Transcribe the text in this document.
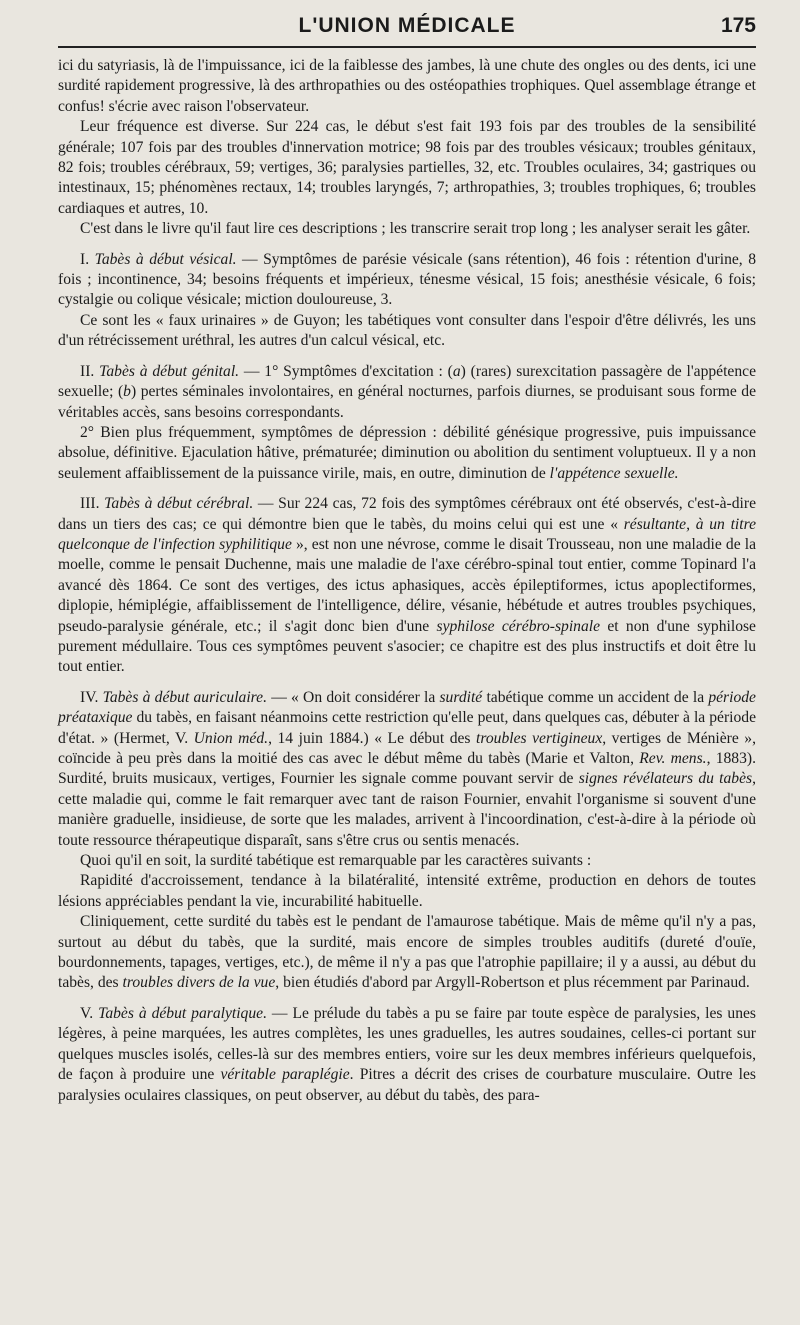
L'UNION MÉDICALE	175

ici du satyriasis, là de l'impuissance, ici de la faiblesse des jambes, là une chute des ongles ou des dents, ici une surdité rapidement progressive, là des arthropathies ou des ostéopathies trophiques. Quel assemblage étrange et confus! s'écrie avec raison l'observateur.

Leur fréquence est diverse. Sur 224 cas, le début s'est fait 193 fois par des troubles de la sensibilité générale; 107 fois par des troubles d'innervation motrice; 98 fois par des troubles vésicaux; troubles génitaux, 82 fois; troubles cérébraux, 59; vertiges, 36; paralysies partielles, 32, etc. Troubles oculaires, 34; gastriques ou intestinaux, 15; phénomènes rectaux, 14; troubles laryngés, 7; arthropathies, 3; troubles trophiques, 6; troubles cardiaques et autres, 10.

C'est dans le livre qu'il faut lire ces descriptions ; les transcrire serait trop long ; les analyser serait les gâter.

I. Tabès à début vésical. — Symptômes de parésie vésicale (sans rétention), 46 fois : rétention d'urine, 8 fois ; incontinence, 34; besoins fréquents et impérieux, ténesme vésical, 15 fois; anesthésie vésicale, 6 fois; cystalgie ou colique vésicale; miction douloureuse, 3.

Ce sont les « faux urinaires » de Guyon; les tabétiques vont consulter dans l'espoir d'être délivrés, les uns d'un rétrécissement uréthral, les autres d'un calcul vésical, etc.

II. Tabès à début génital. — 1° Symptômes d'excitation : (a) (rares) surexcitation passagère de l'appétence sexuelle; (b) pertes séminales involontaires, en général nocturnes, parfois diurnes, se produisant sous forme de véritables accès, sans besoins correspondants.

2° Bien plus fréquemment, symptômes de dépression : débilité génésique progressive, puis impuissance absolue, définitive. Ejaculation hâtive, prématurée; diminution ou abolition du sentiment voluptueux. Il y a non seulement affaiblissement de la puissance virile, mais, en outre, diminution de l'appétence sexuelle.

III. Tabès à début cérébral. — Sur 224 cas, 72 fois des symptômes cérébraux ont été observés, c'est-à-dire dans un tiers des cas; ce qui démontre bien que le tabès, du moins celui qui est une « résultante, à un titre quelconque de l'infection syphilitique », est non une névrose, comme le disait Trousseau, non une maladie de la moelle, comme le pensait Duchenne, mais une maladie de l'axe cérébro-spinal tout entier, comme Topinard l'a avancé dès 1864. Ce sont des vertiges, des ictus aphasiques, accès épileptiformes, ictus apoplectiformes, diplopie, hémiplégie, affaiblissement de l'intelligence, délire, vésanie, hébétude et autres troubles psychiques, pseudo-paralysie générale, etc.; il s'agit donc bien d'une syphilose cérébro-spinale et non d'une syphilose purement médullaire. Tous ces symptômes peuvent s'asocier; ce chapitre est des plus instructifs et doit être lu tout entier.

IV. Tabès à début auriculaire. — « On doit considérer la surdité tabétique comme un accident de la période préataxique du tabès, en faisant néanmoins cette restriction qu'elle peut, dans quelques cas, débuter à la période d'état. » (Hermet, V. Union méd., 14 juin 1884.) « Le début des troubles vertigineux, vertiges de Ménière », coïncide à peu près dans la moitié des cas avec le début même du tabès (Marie et Valton, Rev. mens., 1883). Surdité, bruits musicaux, vertiges, Fournier les signale comme pouvant servir de signes révélateurs du tabès, cette maladie qui, comme le fait remarquer avec tant de raison Fournier, envahit l'organisme si souvent d'une manière graduelle, insidieuse, de sorte que les malades, arrivent à l'incoordination, c'est-à-dire à la période où toute ressource thérapeutique disparaît, sans s'être crus ou sentis menacés.

Quoi qu'il en soit, la surdité tabétique est remarquable par les caractères suivants :

Rapidité d'accroissement, tendance à la bilatéralité, intensité extrême, production en dehors de toutes lésions appréciables pendant la vie, incurabilité habituelle.

Cliniquement, cette surdité du tabès est le pendant de l'amaurose tabétique. Mais de même qu'il n'y a pas, surtout au début du tabès, que la surdité, mais encore de simples troubles auditifs (dureté d'ouïe, bourdonnements, tapages, vertiges, etc.), de même il n'y a pas que l'atrophie papillaire; il y a aussi, au début du tabès, des troubles divers de la vue, bien étudiés d'abord par Argyll-Robertson et plus récemment par Parinaud.

V. Tabès à début paralytique. — Le prélude du tabès a pu se faire par toute espèce de paralysies, les unes légères, à peine marquées, les autres complètes, les unes graduelles, les autres soudaines, celles-ci portant sur quelques muscles isolés, celles-là sur des membres entiers, voire sur les deux membres inférieurs quelquefois, de façon à produire une véritable paraplégie. Pitres a décrit des crises de courbature musculaire. Outre les paralysies oculaires classiques, on peut observer, au début du tabès, des para-
